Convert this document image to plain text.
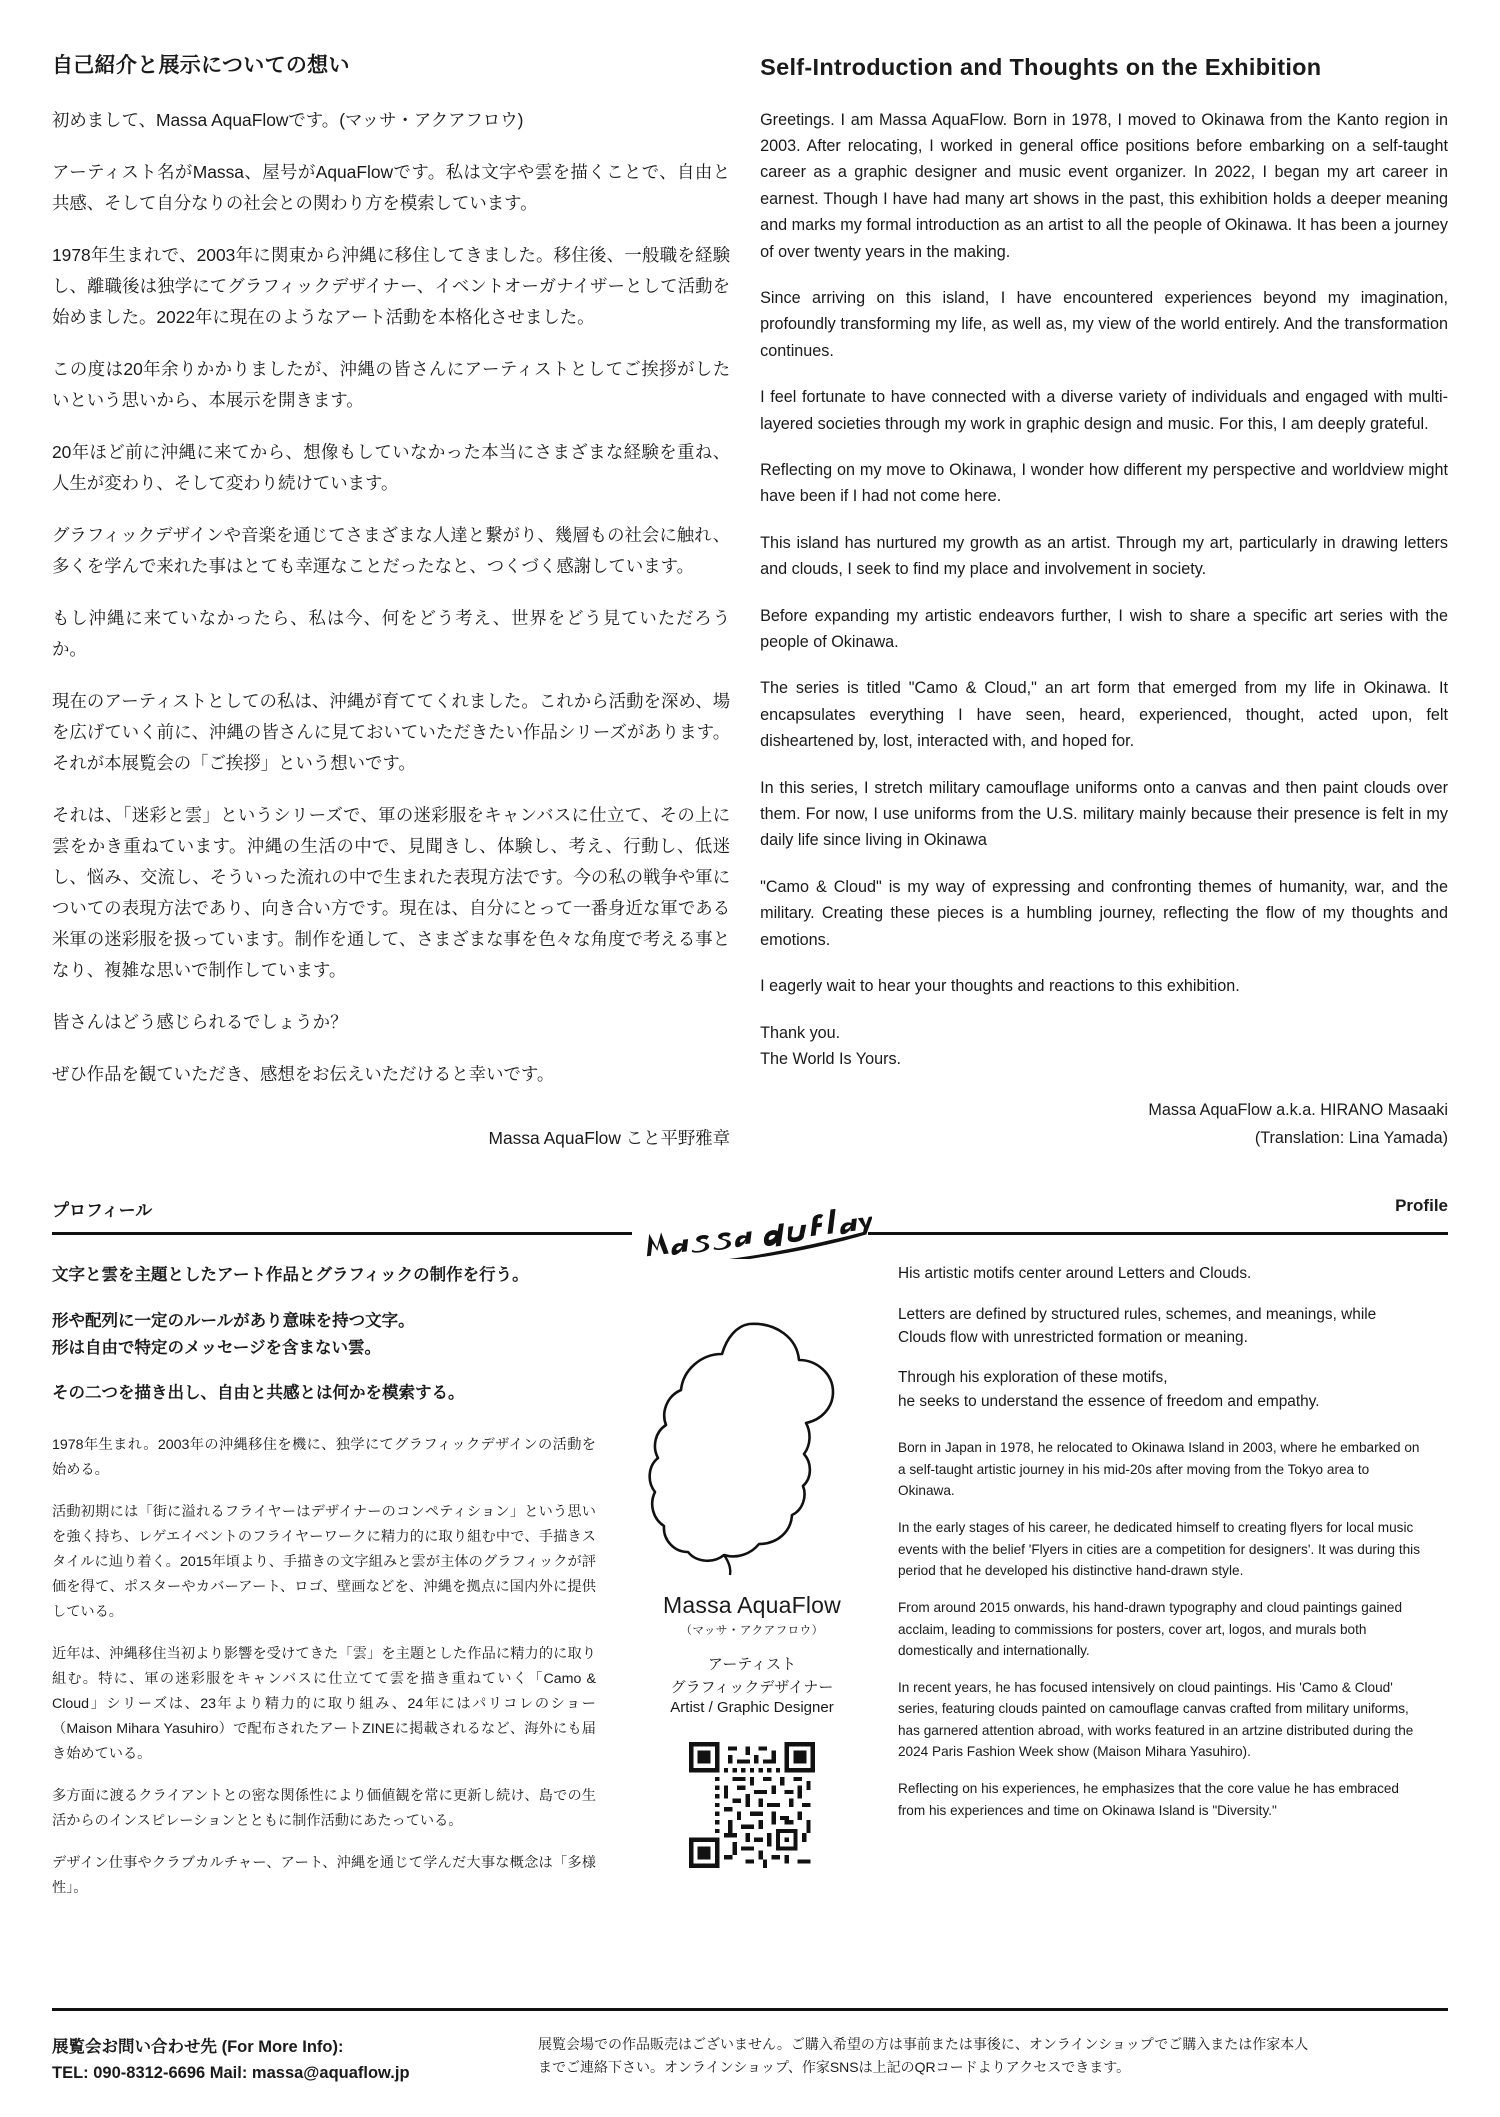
自己紹介と展示についての想い

初めまして、Massa AquaFlowです。(マッサ・アクアフロウ)

アーティスト名がMassa、屋号がAquaFlowです。私は文字や雲を描くことで、自由と共感、そして自分なりの社会との関わり方を模索しています。

1978年生まれで、2003年に関東から沖縄に移住してきました。移住後、一般職を経験し、離職後は独学にてグラフィックデザイナー、イベントオーガナイザーとして活動を始めました。2022年に現在のようなアート活動を本格化させました。

この度は20年余りかかりましたが、沖縄の皆さんにアーティストとしてご挨拶がしたいという思いから、本展示を開きます。

20年ほど前に沖縄に来てから、想像もしていなかった本当にさまざまな経験を重ね、人生が変わり、そして変わり続けています。

グラフィックデザインや音楽を通じてさまざまな人達と繋がり、幾層もの社会に触れ、多くを学んで来れた事はとても幸運なことだったなと、つくづく感謝しています。

もし沖縄に来ていなかったら、私は今、何をどう考え、世界をどう見ていただろうか。

現在のアーティストとしての私は、沖縄が育ててくれました。これから活動を深め、場を広げていく前に、沖縄の皆さんに見ておいていただきたい作品シリーズがあります。それが本展覧会の「ご挨拶」という想いです。

それは、「迷彩と雲」というシリーズで、軍の迷彩服をキャンバスに仕立て、その上に雲をかき重ねています。沖縄の生活の中で、見聞きし、体験し、考え、行動し、低迷し、悩み、交流し、そういった流れの中で生まれた表現方法です。今の私の戦争や軍についての表現方法であり、向き合い方です。現在は、自分にとって一番身近な軍である米軍の迷彩服を扱っています。制作を通して、さまざまな事を色々な角度で考える事となり、複雑な思いで制作しています。

皆さんはどう感じられるでしょうか？

ぜひ作品を観ていただき、感想をお伝えいただけると幸いです。

Massa AquaFlow こと平野雅章

Self-Introduction and Thoughts on the Exhibition

Greetings. I am Massa AquaFlow. Born in 1978, I moved to Okinawa from the Kanto region in 2003. After relocating, I worked in general office positions before embarking on a self-taught career as a graphic designer and music event organizer. In 2022, I began my art career in earnest. Though I have had many art shows in the past, this exhibition holds a deeper meaning and marks my formal introduction as an artist to all the people of Okinawa. It has been a journey of over twenty years in the making.

Since arriving on this island, I have encountered experiences beyond my imagination, profoundly transforming my life, as well as, my view of the world entirely. And the transformation continues.

I feel fortunate to have connected with a diverse variety of individuals and engaged with multi-layered societies through my work in graphic design and music. For this, I am deeply grateful.

Reflecting on my move to Okinawa, I wonder how different my perspective and worldview might have been if I had not come here.

This island has nurtured my growth as an artist. Through my art, particularly in drawing letters and clouds, I seek to find my place and involvement in society.

Before expanding my artistic endeavors further, I wish to share a specific art series with the people of Okinawa.

The series is titled "Camo & Cloud," an art form that emerged from my life in Okinawa. It encapsulates everything I have seen, heard, experienced, thought, acted upon, felt disheartened by, lost, interacted with, and hoped for.

In this series, I stretch military camouflage uniforms onto a canvas and then paint clouds over them. For now, I use uniforms from the U.S. military mainly because their presence is felt in my daily life since living in Okinawa

"Camo & Cloud" is my way of expressing and confronting themes of humanity, war, and the military. Creating these pieces is a humbling journey, reflecting the flow of my thoughts and emotions.

I eagerly wait to hear your thoughts and reactions to this exhibition.

Thank you.

The World Is Yours.

Massa AquaFlow a.k.a. HIRANO Masaaki

(Translation: Lina Yamada)

プロフィール	Profile

文字と雲を主題としたアート作品とグラフィックの制作を行う。

形や配列に一定のルールがあり意味を持つ文字。
形は自由で特定のメッセージを含まない雲。

その二つを描き出し、自由と共感とは何かを模索する。

1978年生まれ。2003年の沖縄移住を機に、独学にてグラフィックデザインの活動を始める。

活動初期には「街に溢れるフライヤーはデザイナーのコンペティション」という思いを強く持ち、レゲエイベントのフライヤーワークに精力的に取り組む中で、手描きスタイルに辿り着く。2015年頃より、手描きの文字組みと雲が主体のグラフィックが評価を得て、ポスターやカバーアート、ロゴ、壁画などを、沖縄を拠点に国内外に提供している。

近年は、沖縄移住当初より影響を受けてきた「雲」を主題とした作品に精力的に取り組む。特に、軍の迷彩服をキャンバスに仕立てて雲を描き重ねていく「Camo & Cloud」シリーズは、23年より精力的に取り組み、24年にはパリコレのショー（Maison Mihara Yasuhiro）で配布されたアートZINEに掲載されるなど、海外にも届き始めている。

多方面に渡るクライアントとの密な関係性により価値観を常に更新し続け、島での生活からのインスピレーションとともに制作活動にあたっている。

デザイン仕事やクラブカルチャー、アート、沖縄を通じて学んだ大事な概念は「多様性」。

Massa AquaFlow

（マッサ・アクアフロウ）

アーティスト

グラフィックデザイナー

Artist / Graphic Designer

His artistic motifs center around Letters and Clouds.

Letters are defined by structured rules, schemes, and meanings, while Clouds flow with unrestricted formation or meaning.

Through his exploration of these motifs,
he seeks to understand the essence of freedom and empathy.

Born in Japan in 1978, he relocated to Okinawa Island in 2003, where he embarked on a self-taught artistic journey in his mid-20s after moving from the Tokyo area to Okinawa.

In the early stages of his career, he dedicated himself to creating flyers for local music events with the belief 'Flyers in cities are a competition for designers'. It was during this period that he developed his distinctive hand-drawn style.

From around 2015 onwards, his hand-drawn typography and cloud paintings gained acclaim, leading to commissions for posters, cover art, logos, and murals both domestically and internationally.

In recent years, he has focused intensively on cloud paintings. His 'Camo & Cloud' series, featuring clouds painted on camouflage canvas crafted from military uniforms, has garnered attention abroad, with works featured in an artzine distributed during the 2024 Paris Fashion Week show (Maison Mihara Yasuhiro).

Reflecting on his experiences, he emphasizes that the core value he has embraced from his experiences and time on Okinawa Island is "Diversity."

展覧会お問い合わせ先 (For More Info):

TEL: 090-8312-6696 Mail: massa@aquaflow.jp

展覧会場での作品販売はございません。ご購入希望の方は事前または事後に、オンラインショップでご購入または作家本人

までご連絡下さい。オンラインショップ、作家SNSは上記のQRコードよりアクセスできます。
